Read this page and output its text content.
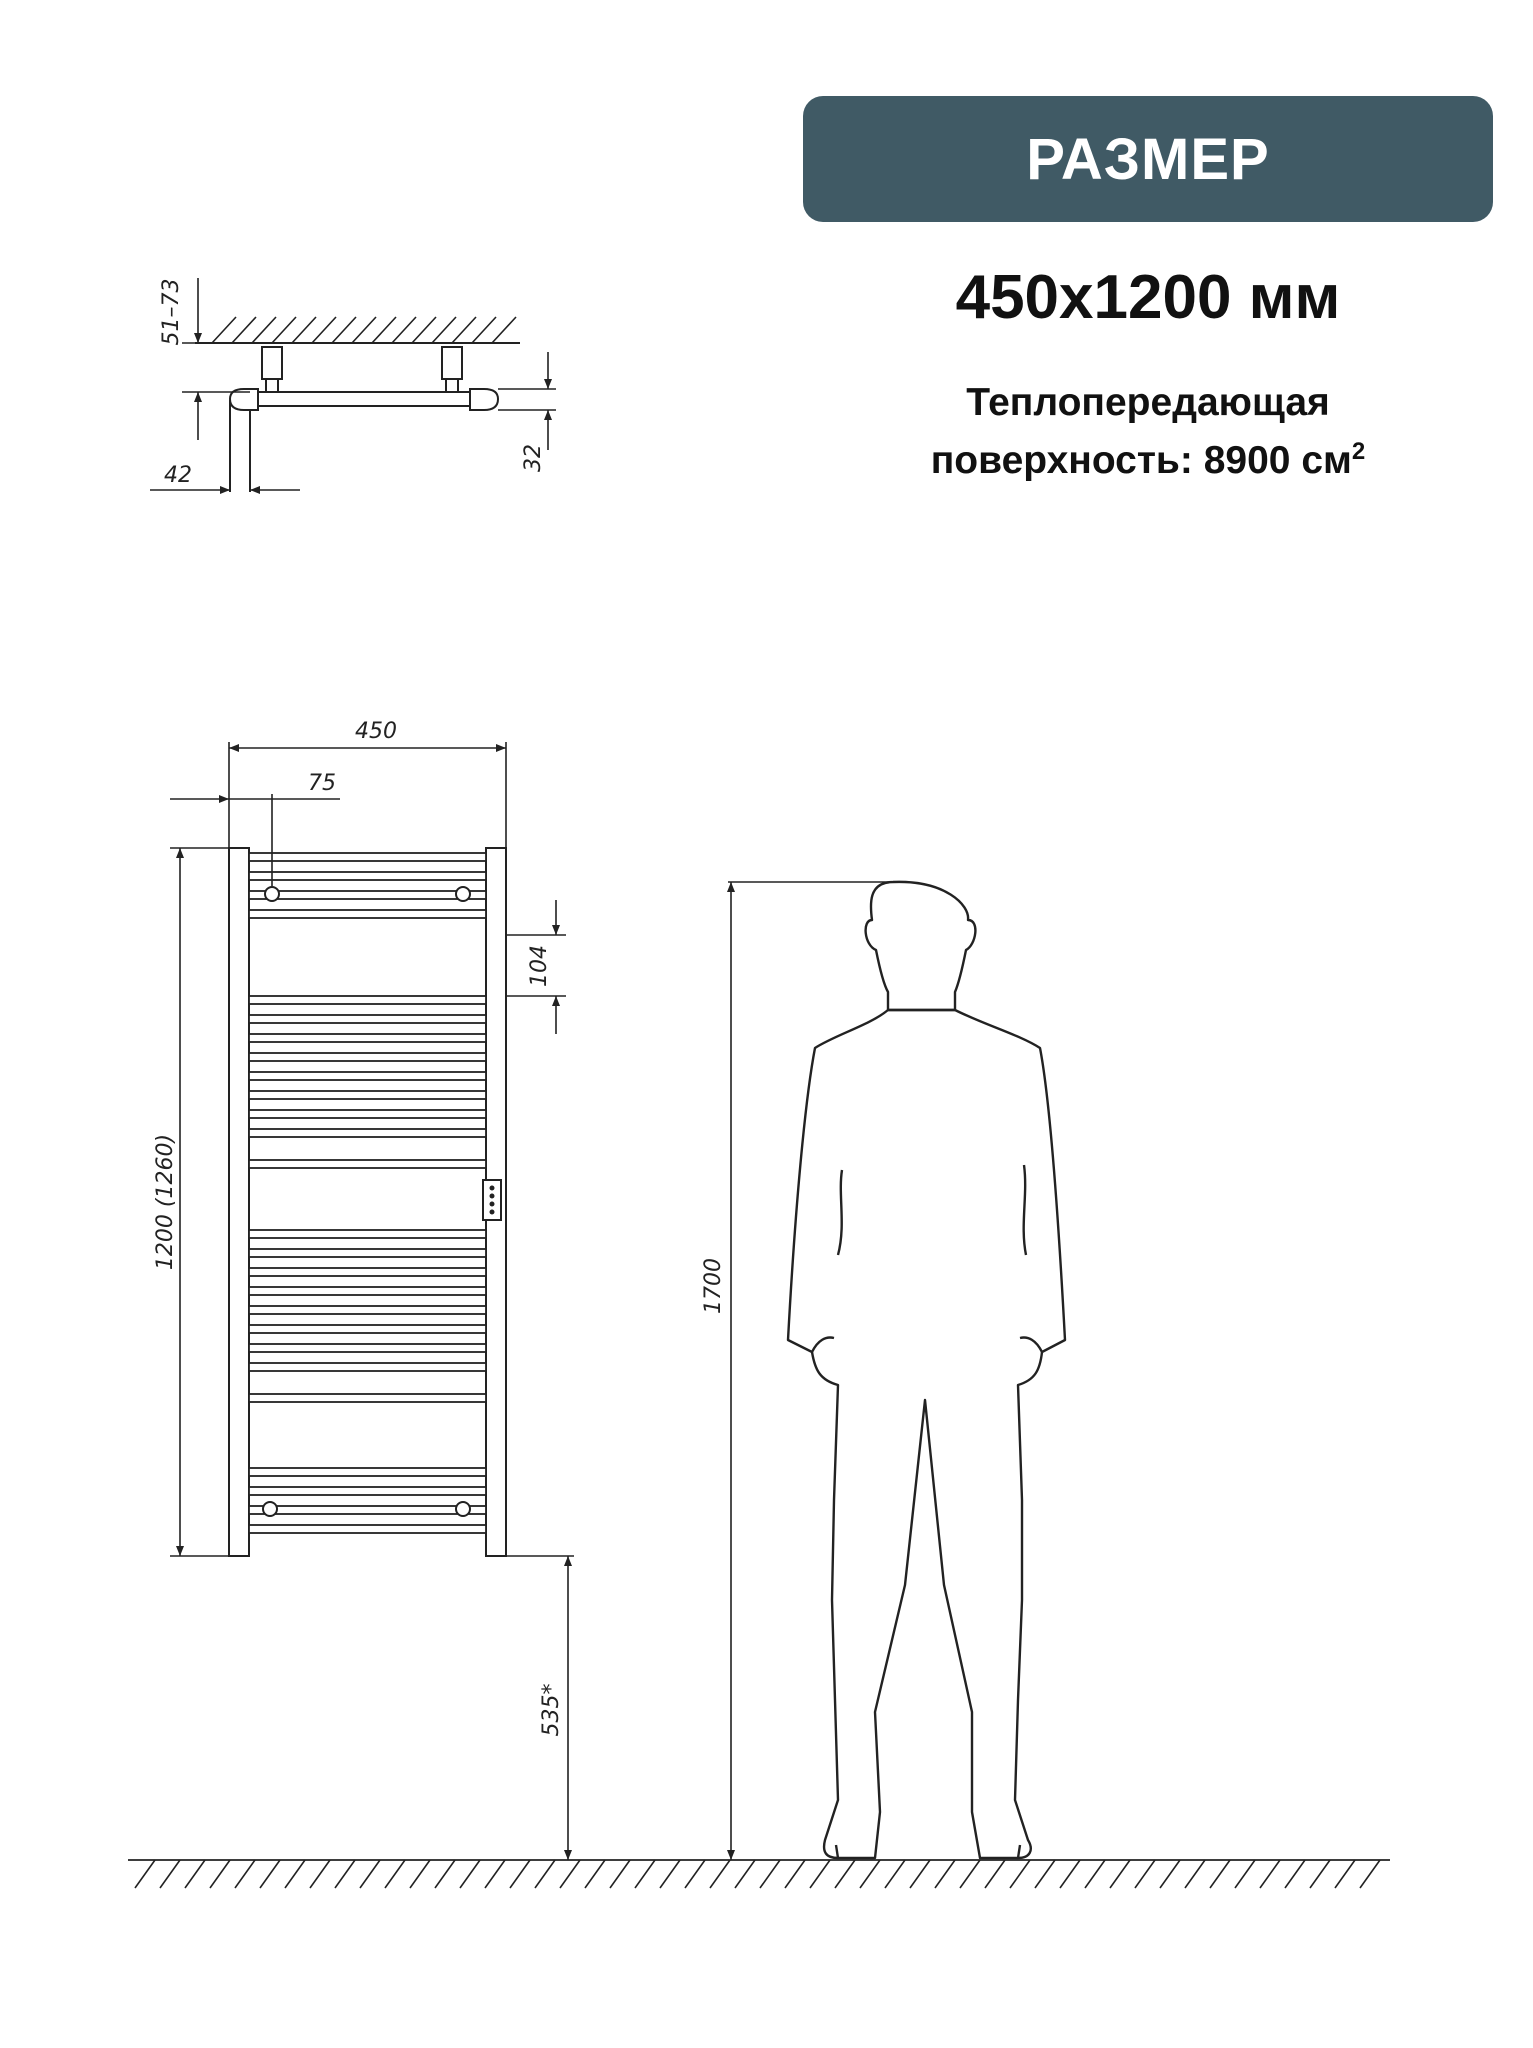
РАЗМЕР
450x1200 мм
Теплопередающая
поверхность: 8900 $см^2$
51–73
42
32
450
75
1200 (1260)
104
535*
1700
